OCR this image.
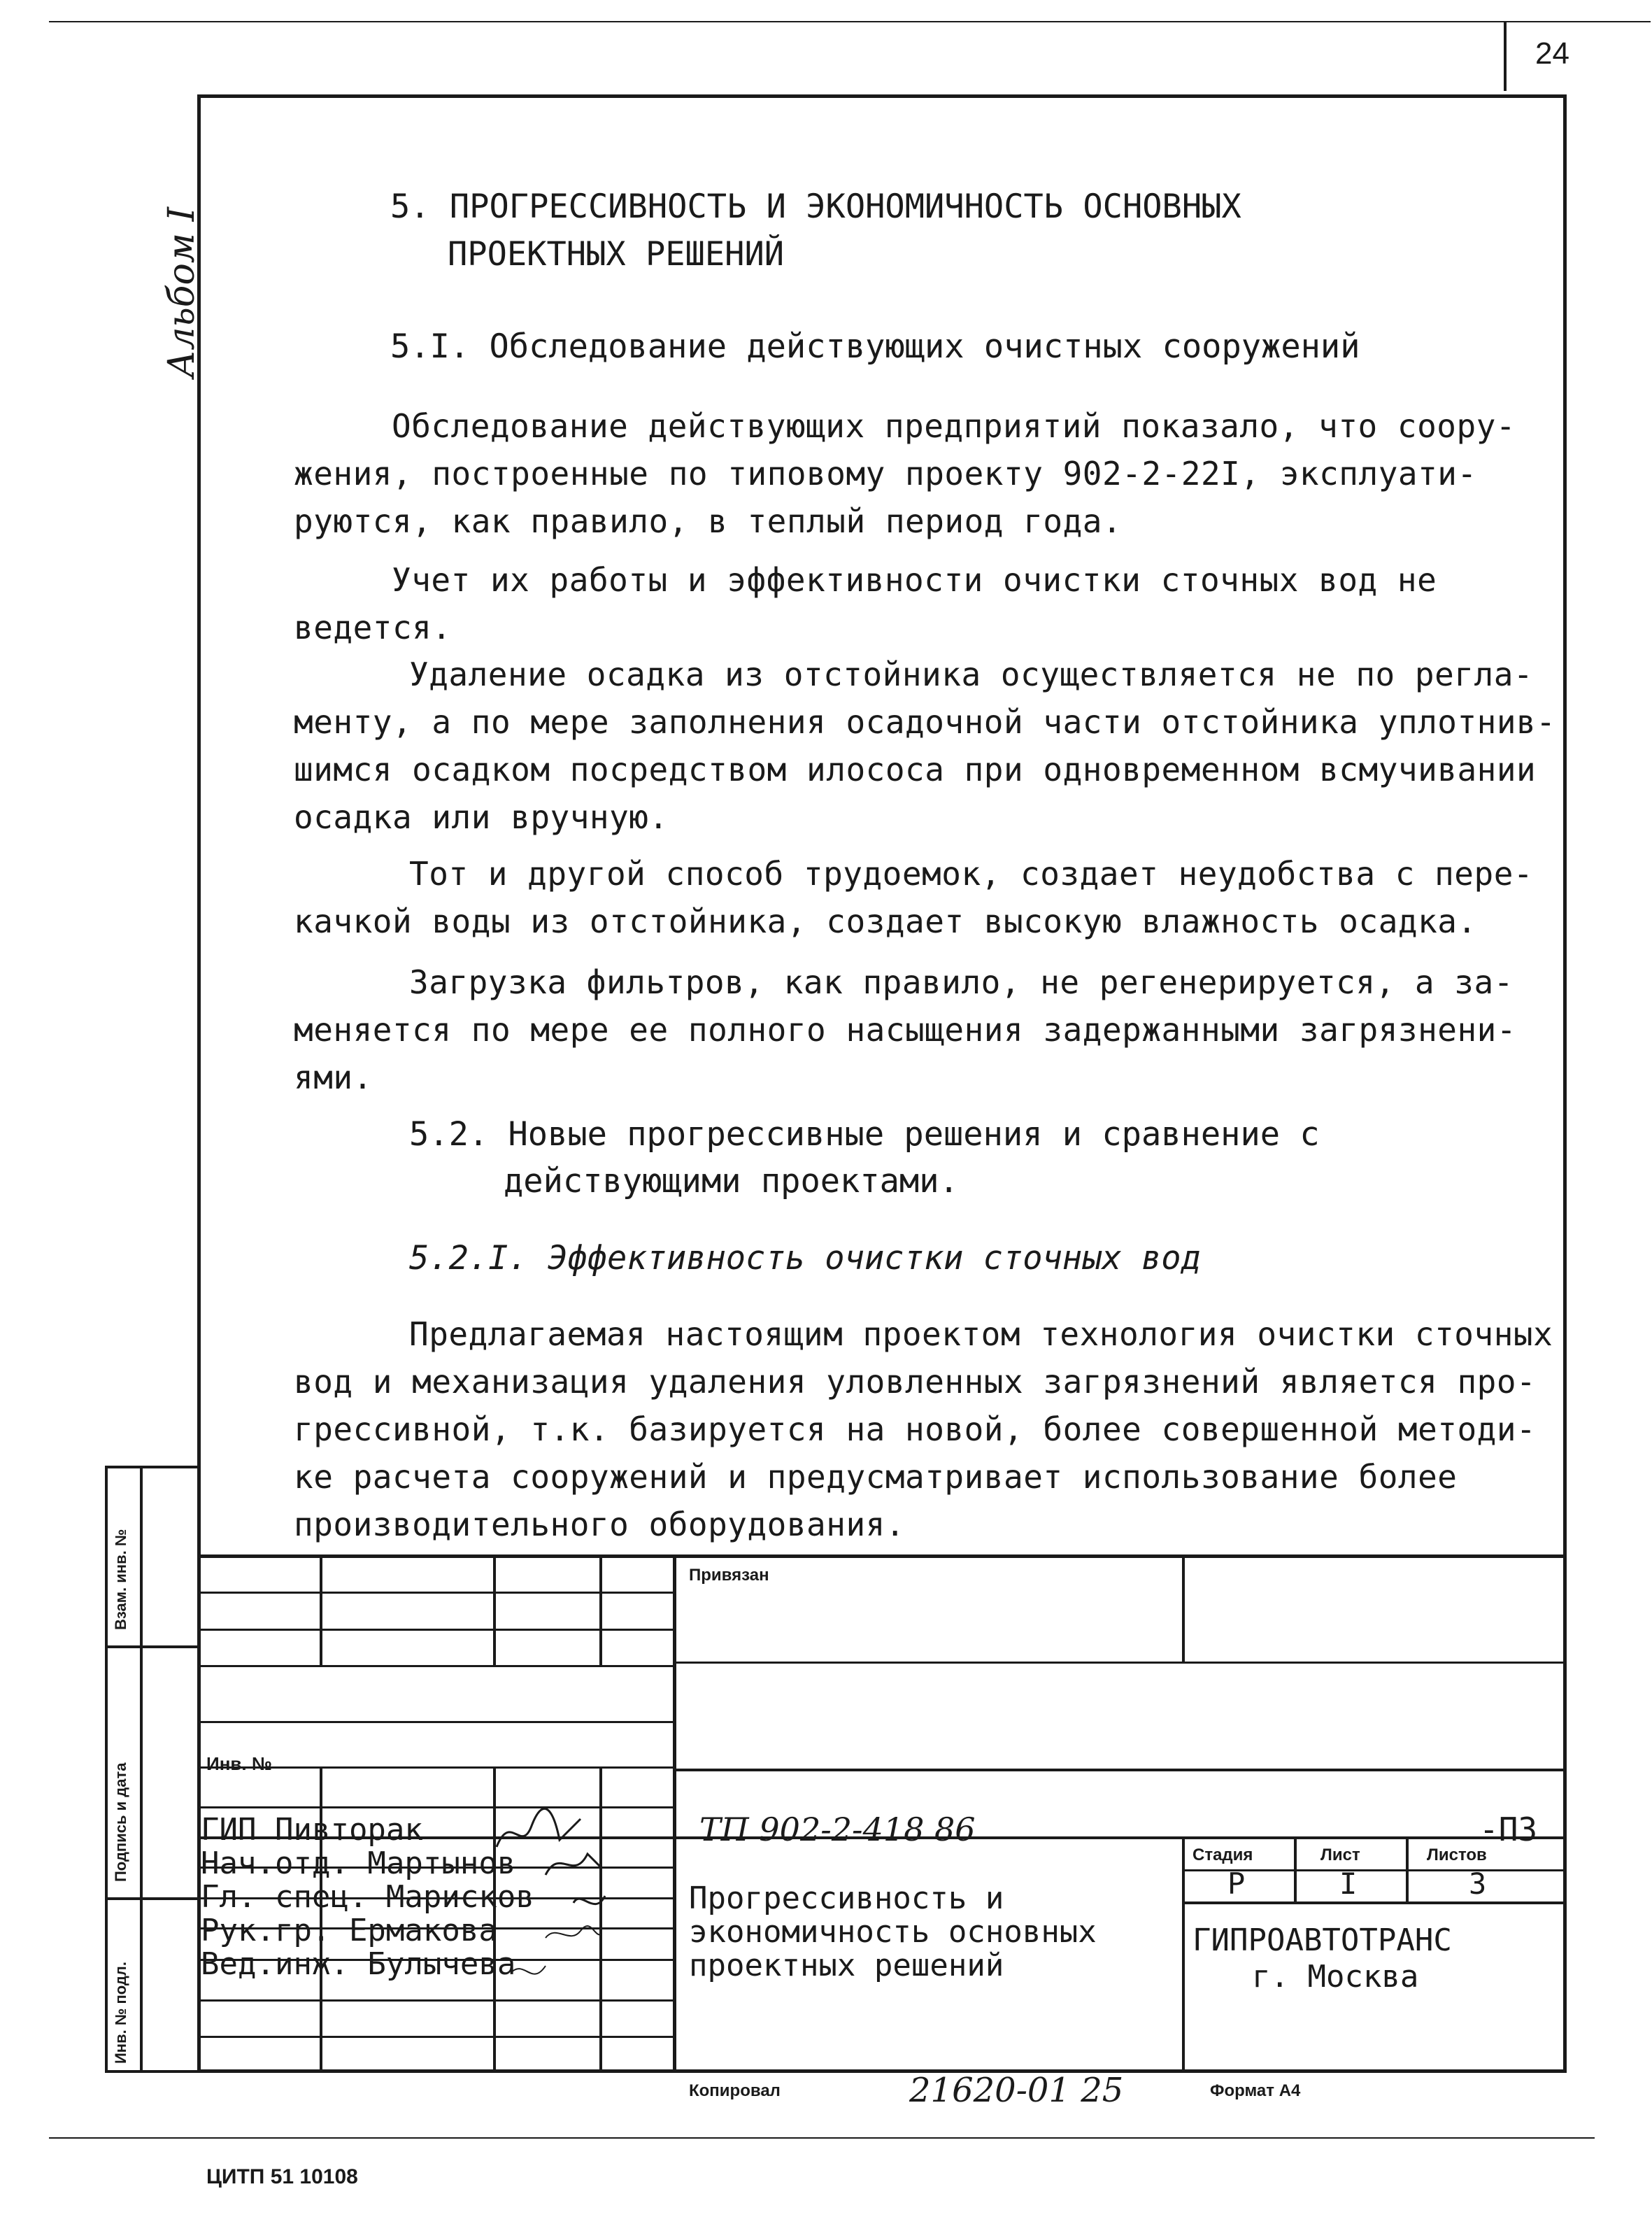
24
Альбом I
5. ПРОГРЕССИВНОСТЬ И ЭКОНОМИЧНОСТЬ ОСНОВНЫХ
ПРОЕКТНЫХ РЕШЕНИЙ
5.I. Обследование действующих очистных сооружений
Обследование действующих предприятий показало, что соору-
жения, построенные по типовому проекту 902-2-22I, эксплуати-
руются, как правило, в теплый период года.
Учет их работы и эффективности очистки сточных вод не
ведется.
Удаление осадка из отстойника осуществляется не по регла-
менту, а по мере заполнения осадочной части отстойника уплотнив-
шимся осадком посредством илососа при одновременном всмучивании
осадка или вручную.
Тот и другой способ трудоемок, создает неудобства с пере-
качкой воды из отстойника, создает высокую влажность осадка.
Загрузка фильтров, как правило, не регенерируется, а за-
меняется по мере ее полного насыщения задержанными загрязнени-
ями.
5.2. Новые прогрессивные решения и сравнение с
действующими проектами.
5.2.I. Эффективность очистки сточных вод
Предлагаемая настоящим проектом технология очистки сточных
вод и механизация удаления уловленных загрязнений является про-
грессивной, т.к. базируется на новой, более совершенной методи-
ке расчета сооружений и предусматривает использование более
производительного оборудования.
Взам. инв. №
Подпись и дата
Инв. № подл.
Привязан
Инв. №
ТП 902-2-418 86	-ПЗ
ГИП Пивторак
Нач.отд. Мартынов
Гл. спец. Марисков
Рук.гр. Ермакова
Вед.инж. Булычева
Прогрессивность и
экономичность основных
проектных решений
Стадия	Лист	Листов
Р	I	3
ГИПРОАВТОТРАНС
г. Москва
Копировал	21620-01 25	Формат А4
ЦИТП 51 10108
